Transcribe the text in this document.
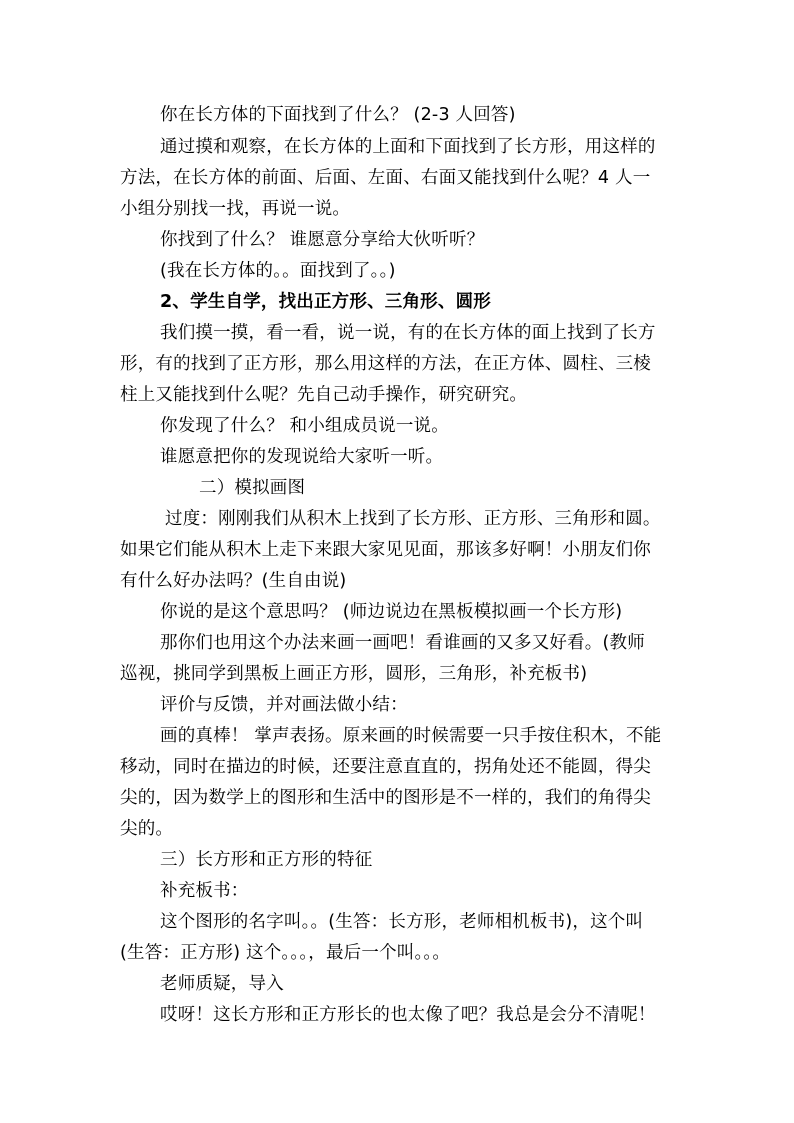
你在长方体的下面找到了什么？ (2-3 人回答)
通过摸和观察，在长方体的上面和下面找到了长方形，用这样的
方法，在长方体的前面、后面、左面、右面又能找到什么呢？4 人一
小组分别找一找，再说一说。
你找到了什么？ 谁愿意分享给大伙听听？
(我在长方体的。。面找到了。。)
2、学生自学，找出正方形、三角形、圆形
我们摸一摸，看一看，说一说，有的在长方体的面上找到了长方
形，有的找到了正方形，那么用这样的方法，在正方体、圆柱、三棱
柱上又能找到什么呢？先自己动手操作，研究研究。
你发现了什么？ 和小组成员说一说。
谁愿意把你的发现说给大家听一听。
二）模拟画图
过度：刚刚我们从积木上找到了长方形、正方形、三角形和圆。
如果它们能从积木上走下来跟大家见见面，那该多好啊！小朋友们你
有什么好办法吗？(生自由说)
你说的是这个意思吗？ (师边说边在黑板模拟画一个长方形)
那你们也用这个办法来画一画吧！看谁画的又多又好看。(教师
巡视，挑同学到黑板上画正方形，圆形，三角形，补充板书)
评价与反馈，并对画法做小结：
画的真棒！ 掌声表扬。原来画的时候需要一只手按住积木，不能
移动，同时在描边的时候，还要注意直直的，拐角处还不能圆，得尖
尖的，因为数学上的图形和生活中的图形是不一样的，我们的角得尖
尖的。
三）长方形和正方形的特征
补充板书：
这个图形的名字叫。。(生答：长方形，老师相机板书)，这个叫
(生答：正方形) 这个。。。，最后一个叫。。。
老师质疑，导入
哎呀！这长方形和正方形长的也太像了吧？我总是会分不清呢！
